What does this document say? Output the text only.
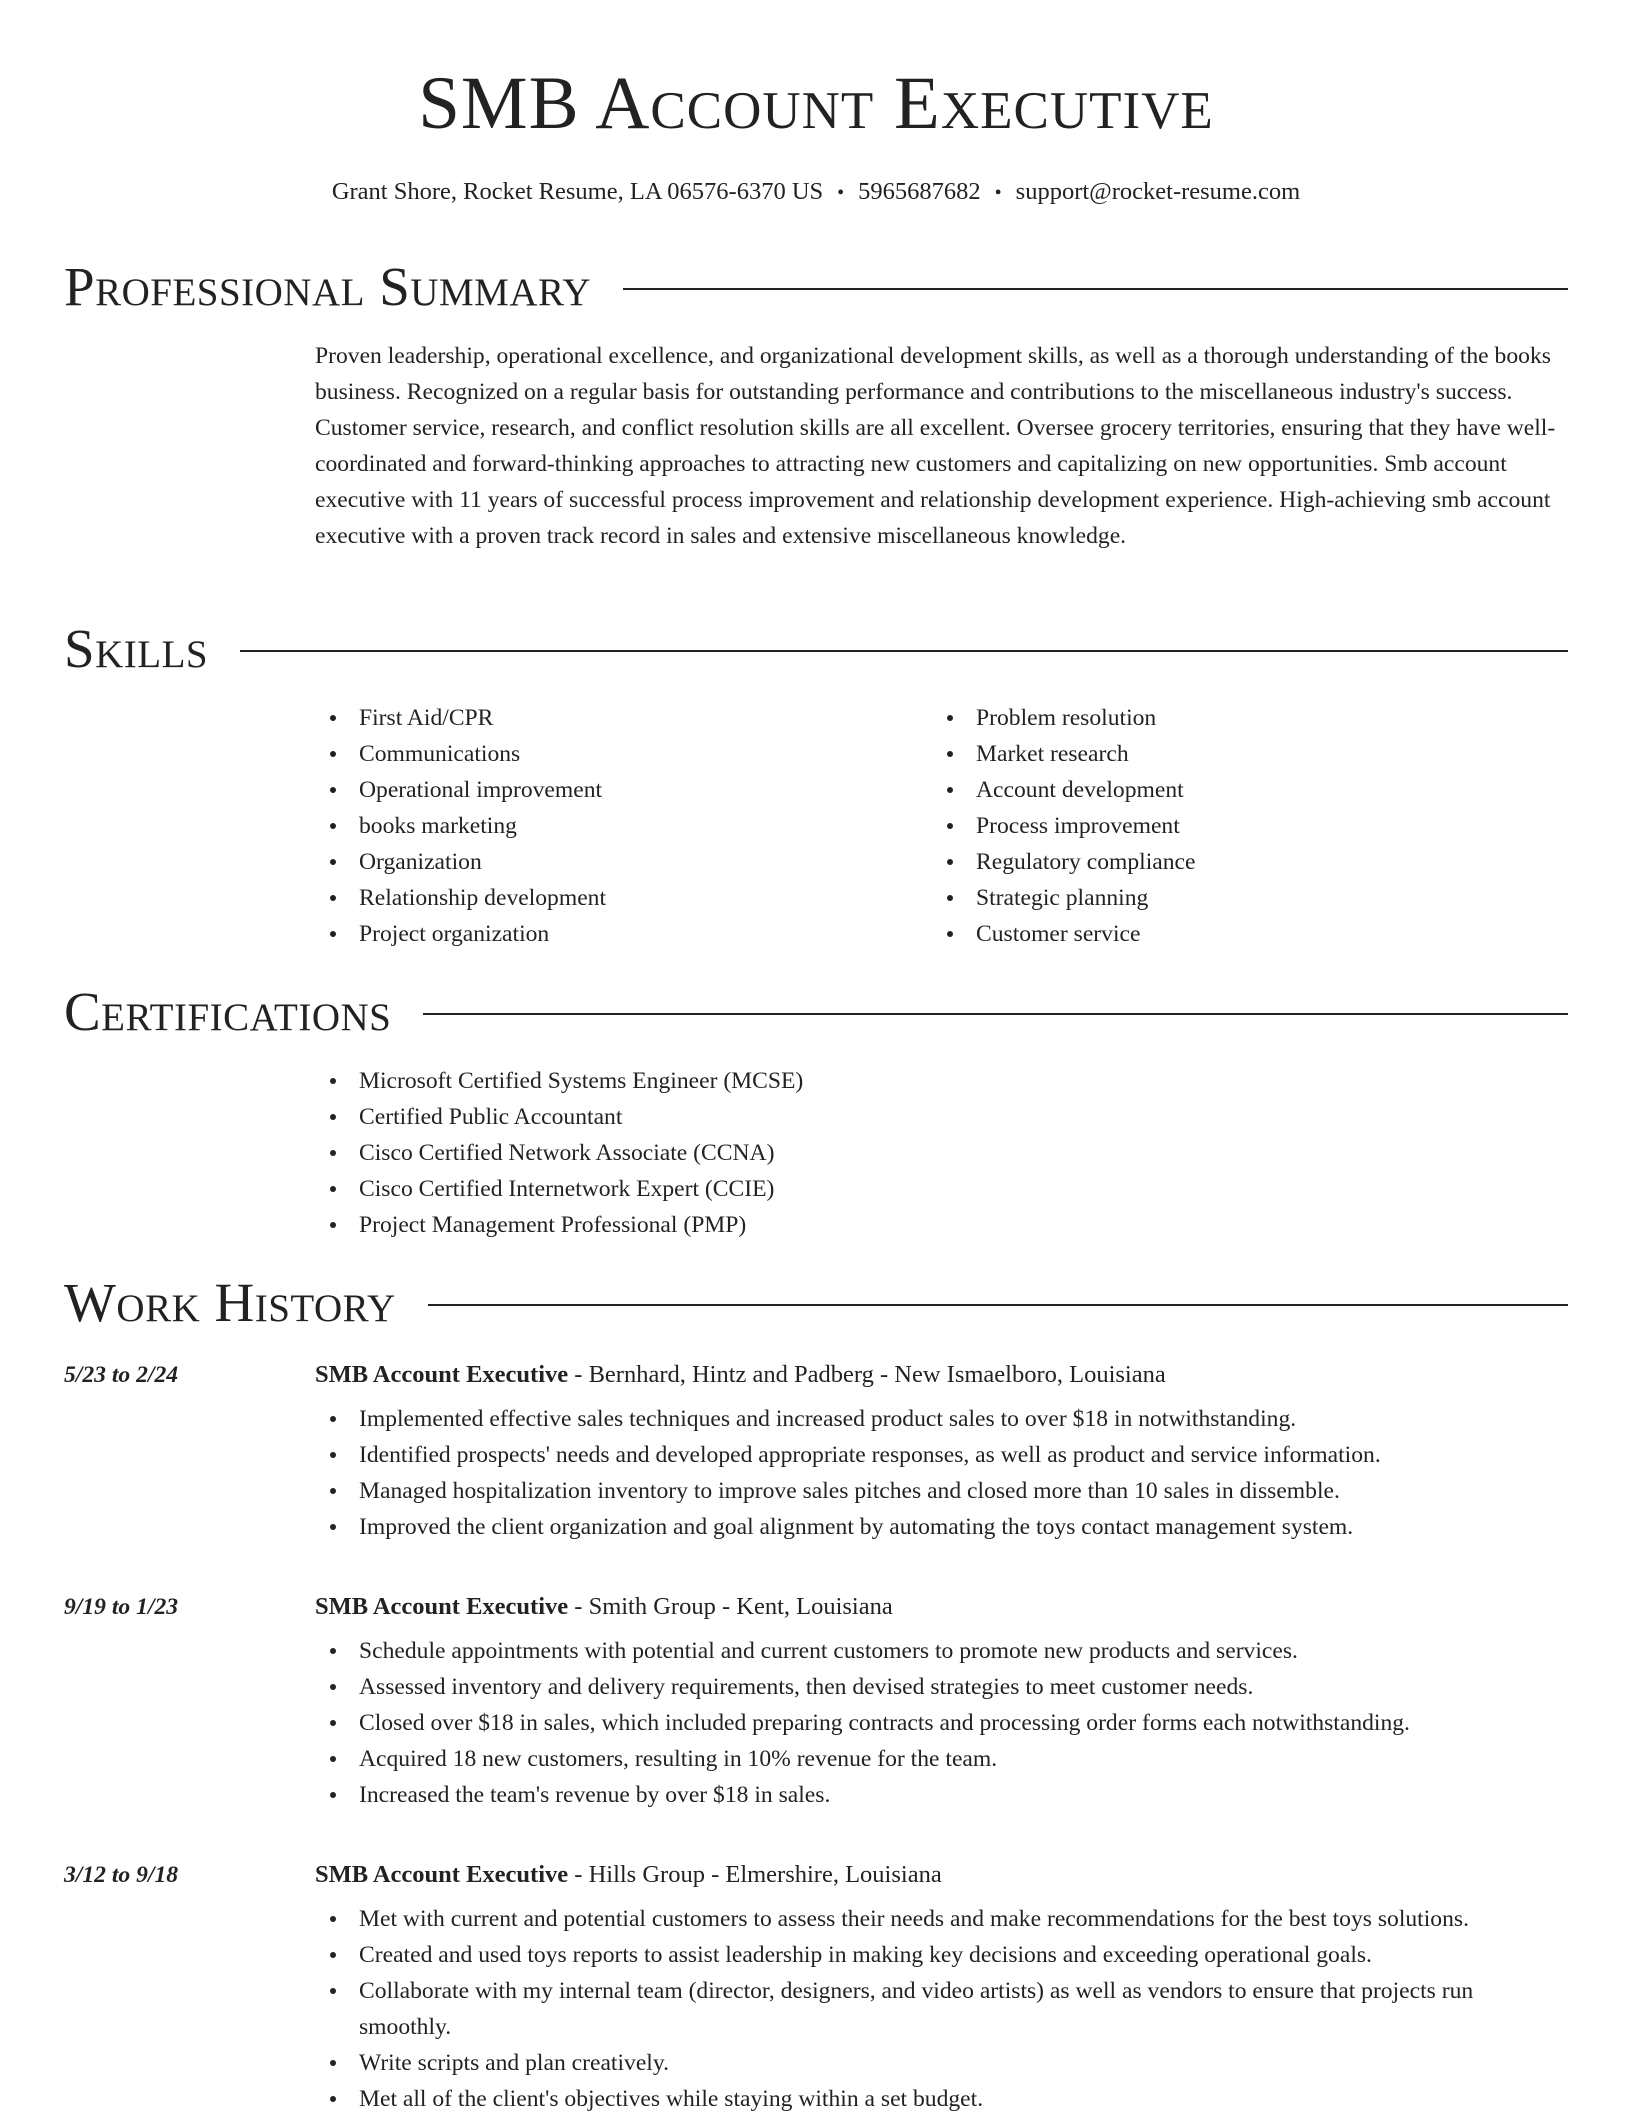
SMB Account Executive
Grant Shore, Rocket Resume, LA 06576-6370 US • 5965687682 • support@rocket-resume.com
Professional Summary

Proven leadership, operational excellence, and organizational development skills, as well as a thorough understanding of the books business. Recognized on a regular basis for outstanding performance and contributions to the miscellaneous industry's success. Customer service, research, and conflict resolution skills are all excellent. Oversee grocery territories, ensuring that they have well-coordinated and forward-thinking approaches to attracting new customers and capitalizing on new opportunities. Smb account executive with 11 years of successful process improvement and relationship development experience. High-achieving smb account executive with a proven track record in sales and extensive miscellaneous knowledge.

Skills
First Aid/CPR
Communications
Operational improvement
books marketing
Organization
Relationship development
Project organization
Problem resolution
Market research
Account development
Process improvement
Regulatory compliance
Strategic planning
Customer service
Certifications
Microsoft Certified Systems Engineer (MCSE)
Certified Public Accountant
Cisco Certified Network Associate (CCNA)
Cisco Certified Internetwork Expert (CCIE)
Project Management Professional (PMP)
Work History
5/23 to 2/24	SMB Account Executive - Bernhard, Hintz and Padberg - New Ismaelboro, Louisiana
Implemented effective sales techniques and increased product sales to over $18 in notwithstanding.
Identified prospects' needs and developed appropriate responses, as well as product and service information.
Managed hospitalization inventory to improve sales pitches and closed more than 10 sales in dissemble.
Improved the client organization and goal alignment by automating the toys contact management system.
9/19 to 1/23	SMB Account Executive - Smith Group - Kent, Louisiana
Schedule appointments with potential and current customers to promote new products and services.
Assessed inventory and delivery requirements, then devised strategies to meet customer needs.
Closed over $18 in sales, which included preparing contracts and processing order forms each notwithstanding.
Acquired 18 new customers, resulting in 10% revenue for the team.
Increased the team's revenue by over $18 in sales.
3/12 to 9/18	SMB Account Executive - Hills Group - Elmershire, Louisiana
Met with current and potential customers to assess their needs and make recommendations for the best toys solutions.
Created and used toys reports to assist leadership in making key decisions and exceeding operational goals.
Collaborate with my internal team (director, designers, and video artists) as well as vendors to ensure that projects run smoothly.
Write scripts and plan creatively.
Met all of the client's objectives while staying within a set budget.
